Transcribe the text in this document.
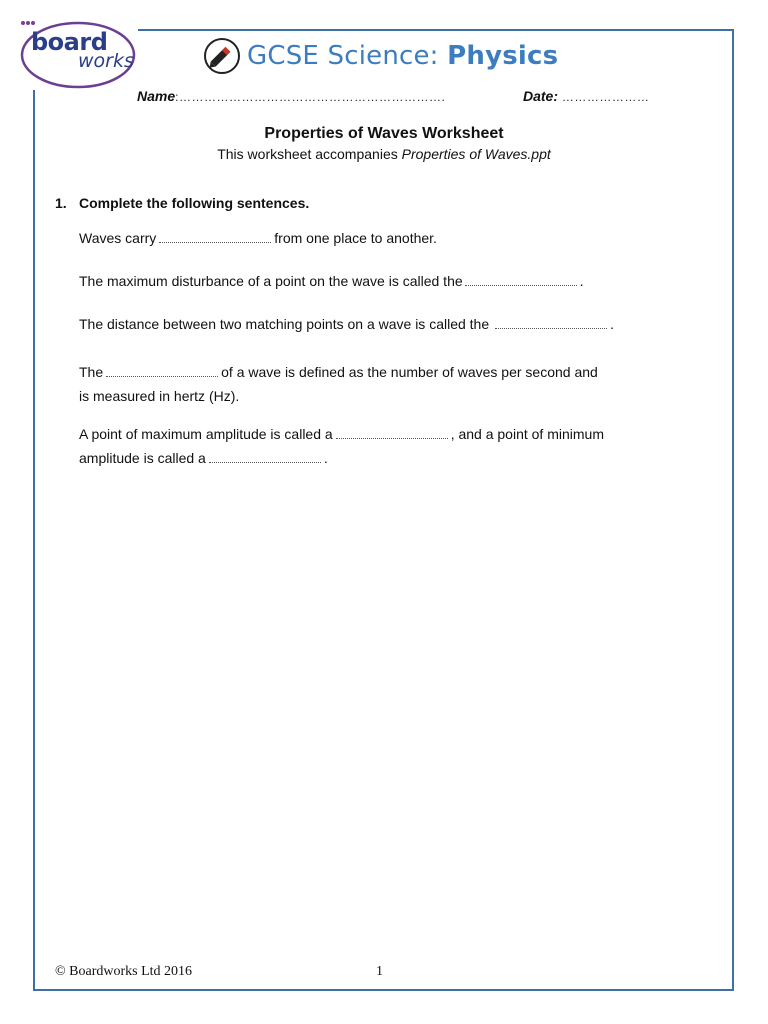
board
works	GCSE Science: Physics
Name:……………………………………………………….	Date: …………………
Properties of Waves Worksheet
This worksheet accompanies Properties of Waves.ppt
1. Complete the following sentences.
Waves carry	from one place to another.
The maximum disturbance of a point on the wave is called the	.
The distance between two matching points on a wave is called the	.
The	of a wave is defined as the number of waves per second and
is measured in hertz (Hz).
A point of maximum amplitude is called a	, and a point of minimum
amplitude is called a	.
© Boardworks Ltd 2016	1
